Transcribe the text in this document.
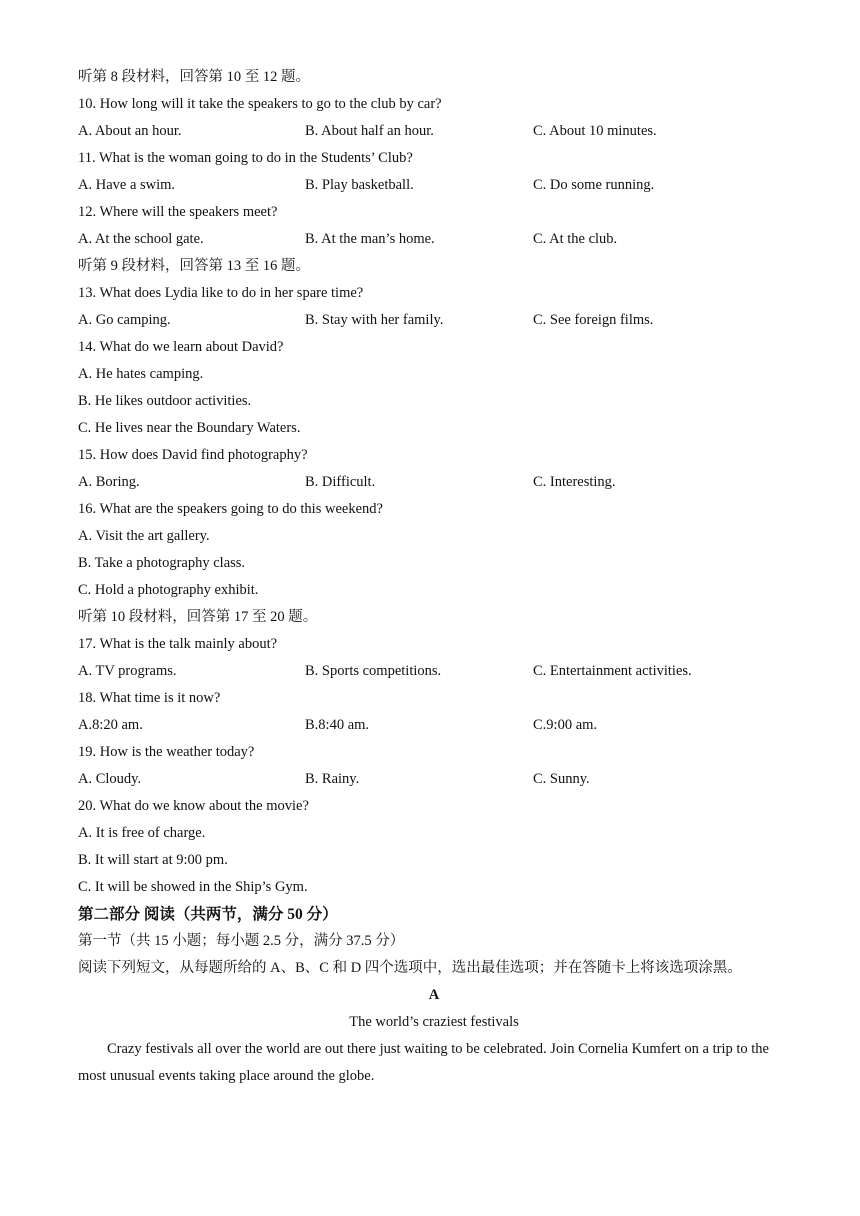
听第 8 段材料，回答第 10 至 12 题。
10. How long will it take the speakers to go to the club by car?
A. About an hour.	B. About half an hour.	C. About 10 minutes.
11. What is the woman going to do in the Students’ Club?
A. Have a swim.	B. Play basketball.	C. Do some running.
12. Where will the speakers meet?
A. At the school gate.	B. At the man’s home.	C. At the club.
听第 9 段材料，回答第 13 至 16 题。
13. What does Lydia like to do in her spare time?
A. Go camping.	B. Stay with her family.	C. See foreign films.
14. What do we learn about David?
A. He hates camping.
B. He likes outdoor activities.
C. He lives near the Boundary Waters.
15. How does David find photography?
A. Boring.	B. Difficult.	C. Interesting.
16. What are the speakers going to do this weekend?
A. Visit the art gallery.
B. Take a photography class.
C. Hold a photography exhibit.
听第 10 段材料，回答第 17 至 20 题。
17. What is the talk mainly about?
A. TV programs.	B. Sports competitions.	C. Entertainment activities.
18. What time is it now?
A.8:20 am.	B.8:40 am.	C.9:00 am.
19. How is the weather today?
A. Cloudy.	B. Rainy.	C. Sunny.
20. What do we know about the movie?
A. It is free of charge.
B. It will start at 9:00 pm.
C. It will be showed in the Ship’s Gym.
第二部分 阅读（共两节，满分 50 分）
第一节（共 15 小题；每小题 2.5 分，满分 37.5 分）
阅读下列短文，从每题所给的 A、B、C 和 D 四个选项中，选出最佳选项；并在答随卡上将该选项涂黑。
A
The world’s craziest festivals
Crazy festivals all over the world are out there just waiting to be celebrated. Join Cornelia Kumfert on a trip to the most unusual events taking place around the globe.
